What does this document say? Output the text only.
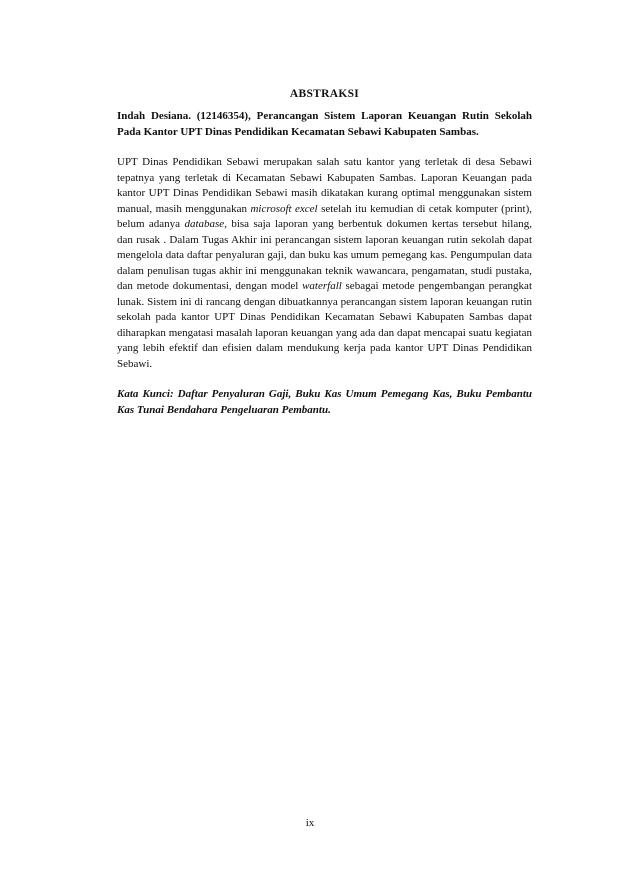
ABSTRAKSI
Indah Desiana. (12146354), Perancangan Sistem Laporan Keuangan Rutin Sekolah Pada Kantor UPT Dinas Pendidikan Kecamatan Sebawi Kabupaten Sambas.
UPT Dinas Pendidikan Sebawi merupakan salah satu kantor yang terletak di desa Sebawi tepatnya yang terletak di Kecamatan Sebawi Kabupaten Sambas. Laporan Keuangan pada kantor UPT Dinas Pendidikan Sebawi masih dikatakan kurang optimal menggunakan sistem manual, masih menggunakan microsoft excel setelah itu kemudian di cetak komputer (print), belum adanya database, bisa saja laporan yang berbentuk dokumen kertas tersebut hilang, dan rusak . Dalam Tugas Akhir ini perancangan sistem laporan keuangan rutin sekolah dapat mengelola data daftar penyaluran gaji, dan buku kas umum pemegang kas. Pengumpulan data dalam penulisan tugas akhir ini menggunakan teknik wawancara, pengamatan, studi pustaka, dan metode dokumentasi, dengan model waterfall sebagai metode pengembangan perangkat lunak. Sistem ini di rancang dengan dibuatkannya perancangan sistem laporan keuangan rutin sekolah pada kantor UPT Dinas Pendidikan Kecamatan Sebawi Kabupaten Sambas dapat diharapkan mengatasi masalah laporan keuangan yang ada dan dapat mencapai suatu kegiatan yang lebih efektif dan efisien dalam mendukung kerja pada kantor UPT Dinas Pendidikan Sebawi.
Kata Kunci: Daftar Penyaluran Gaji, Buku Kas Umum Pemegang Kas, Buku Pembantu Kas Tunai Bendahara Pengeluaran Pembantu.
ix
